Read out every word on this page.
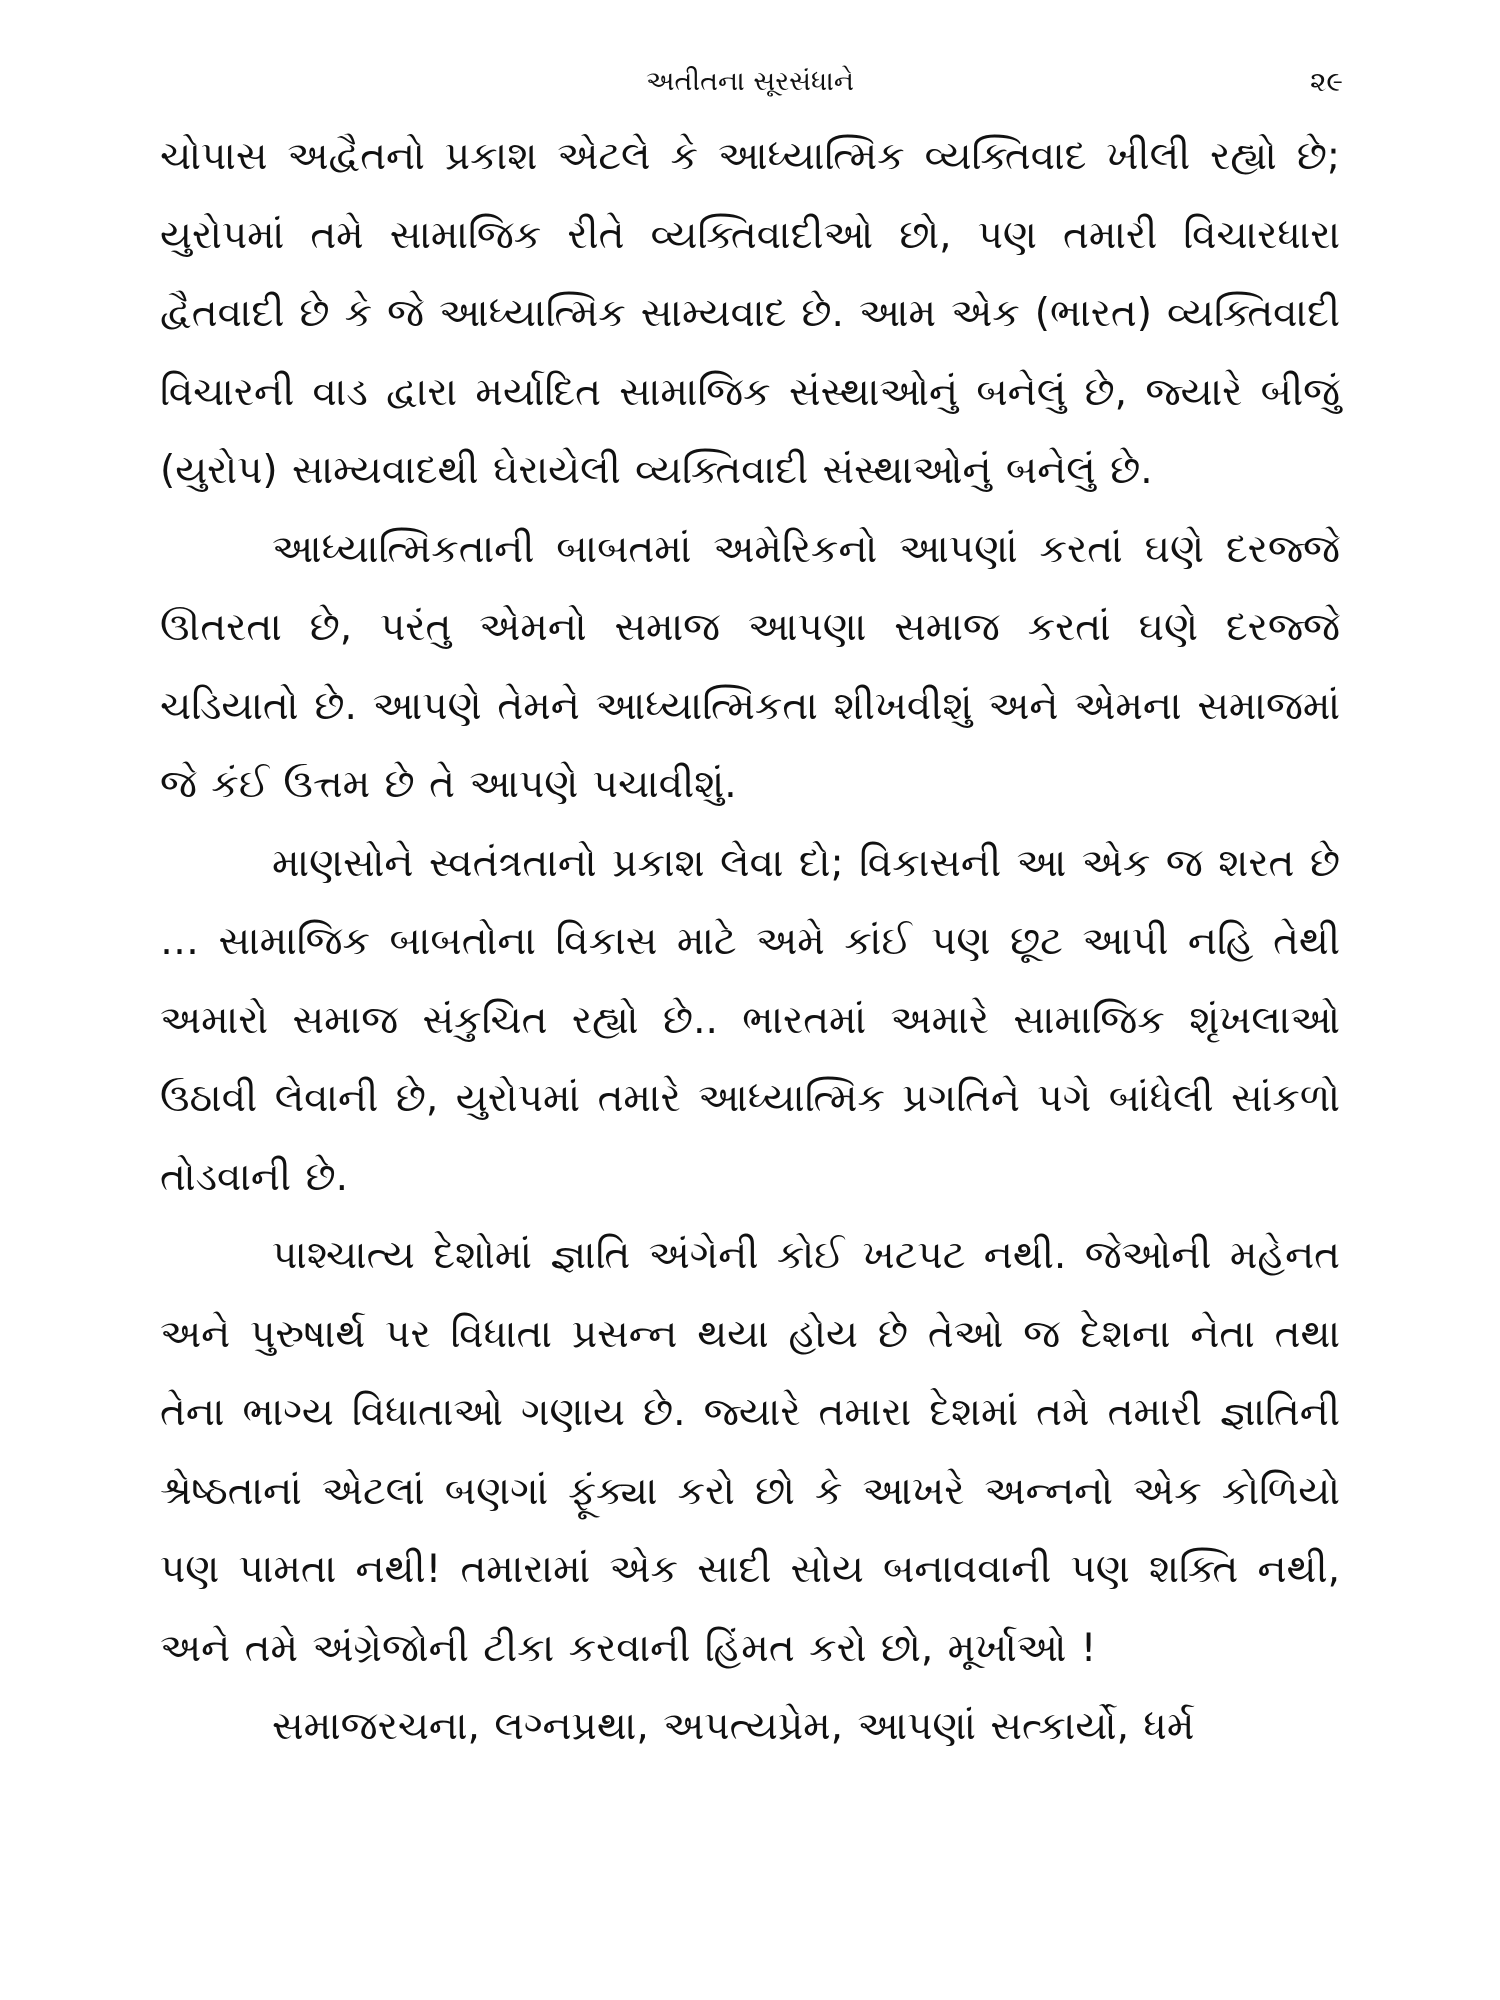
અતીતના સૂરસંધાને	૨૯

ચોપાસ અદ્વૈતનો પ્રકાશ એટલે કે આધ્યાત્મિક વ્યક્તિવાદ ખીલી રહ્યો છે; યુરોપમાં તમે સામાજિક રીતે વ્યક્તિવાદીઓ છો, પણ તમારી વિચારધારા દ્વૈતવાદી છે કે જે આધ્યાત્મિક સામ્યવાદ છે. આમ એક (ભારત) વ્યક્તિવાદી વિચારની વાડ દ્વારા મર્યાદિત સામાજિક સંસ્થાઓનું બનેલું છે, જ્યારે બીજું (યુરોપ) સામ્યવાદથી ઘેરાયેલી વ્યક્તિવાદી સંસ્થાઓનું બનેલું છે.

આધ્યાત્મિકતાની બાબતમાં અમેરિકનો આપણાં કરતાં ઘણે દરજ્જે ઊતરતા છે, પરંતુ એમનો સમાજ આપણા સમાજ કરતાં ઘણે દરજ્જે ચડિયાતો છે. આપણે તેમને આધ્યાત્મિકતા શીખવીશું અને એમના સમાજમાં જે કંઈ ઉત્તમ છે તે આપણે પચાવીશું.

માણસોને સ્વતંત્રતાનો પ્રકાશ લેવા દો; વિકાસની આ એક જ શરત છે … સામાજિક બાબતોના વિકાસ માટે અમે કાંઈ પણ છૂટ આપી નહિ તેથી અમારો સમાજ સંકુચિત રહ્યો છે.. ભારતમાં અમારે સામાજિક શૃંખલાઓ ઉઠાવી લેવાની છે, યુરોપમાં તમારે આધ્યાત્મિક પ્રગતિને પગે બાંધેલી સાંકળો તોડવાની છે.

પાશ્ચાત્ય દેશોમાં જ્ઞાતિ અંગેની કોઈ ખટપટ નથી. જેઓની મહેનત અને પુરુષાર્થ પર વિધાતા પ્રસન્ન થયા હોય છે તેઓ જ દેશના નેતા તથા તેના ભાગ્ય વિધાતાઓ ગણાય છે. જ્યારે તમારા દેશમાં તમે તમારી જ્ઞાતિની શ્રેષ્ઠતાનાં એટલાં બણગાં ફૂંક્યા કરો છો કે આખરે અન્નનો એક કોળિયો પણ પામતા નથી! તમારામાં એક સાદી સોય બનાવવાની પણ શક્તિ નથી, અને તમે અંગ્રેજોની ટીકા કરવાની હિંમત કરો છો, મૂર્ખાઓ !

સમાજરચના, લગ્નપ્રથા, અપત્યપ્રેમ, આપણાં સત્કાર્યો, ધર્મ
